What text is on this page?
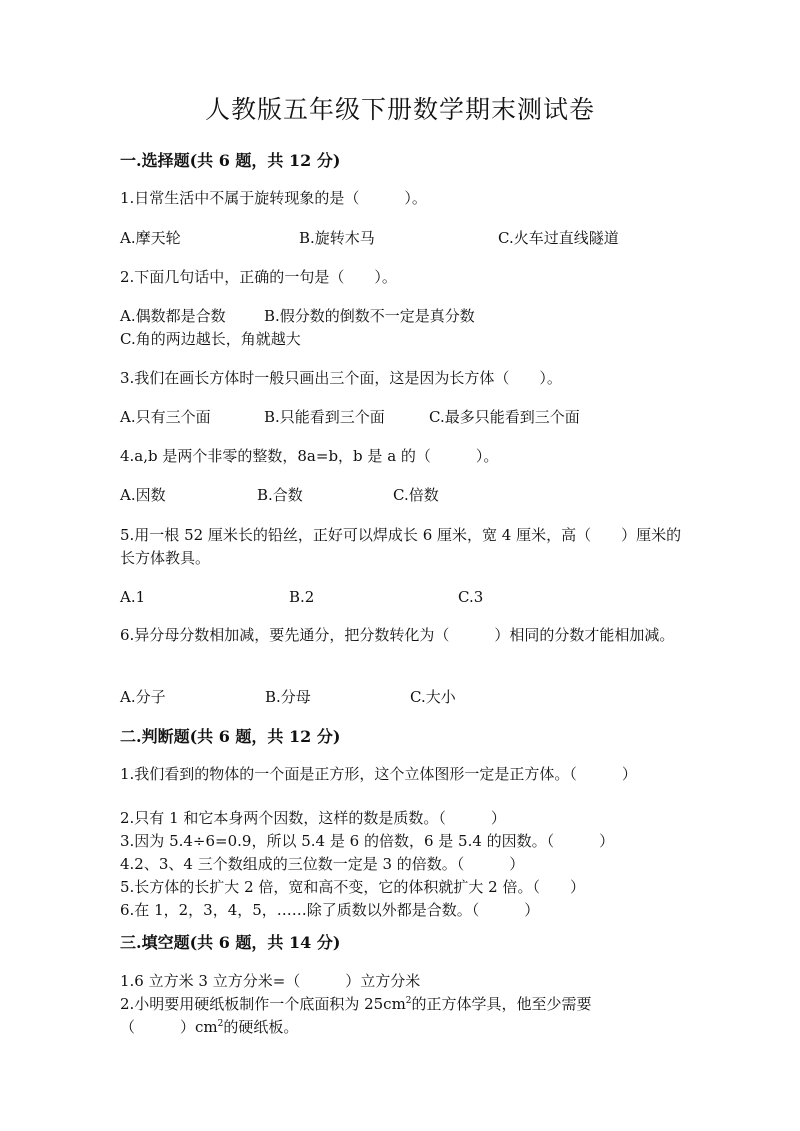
人教版五年级下册数学期末测试卷
一.选择题(共 6 题，共 12 分)
1.日常生活中不属于旋转现象的是（　　　）。
A.摩天轮	B.旋转木马	C.火车过直线隧道
2.下面几句话中，正确的一句是（　　）。
A.偶数都是合数	B.假分数的倒数不一定是真分数C.角的两边越长，角就越大
3.我们在画长方体时一般只画出三个面，这是因为长方体（　　）。
A.只有三个面	B.只能看到三个面	C.最多只能看到三个面
4.a,b 是两个非零的整数，8a=b，b 是 a 的（　　　）。
A.因数	B.合数	C.倍数
5.用一根 52 厘米长的铅丝，正好可以焊成长 6 厘米，宽 4 厘米，高（　　）厘米的长方体教具。
A.1	B.2	C.3
6.异分母分数相加减，要先通分，把分数转化为（　　　）相同的分数才能相加减。
A.分子	B.分母	C.大小
二.判断题(共 6 题，共 12 分)
1.我们看到的物体的一个面是正方形，这个立体图形一定是正方体。（　　　）
2.只有 1 和它本身两个因数，这样的数是质数。（　　　）
3.因为 5.4÷6=0.9，所以 5.4 是 6 的倍数，6 是 5.4 的因数。（　　　）
4.2、3、4 三个数组成的三位数一定是 3 的倍数。（　　　）
5.长方体的长扩大 2 倍，宽和高不变，它的体积就扩大 2 倍。（　　）
6.在 1，2，3，4，5，……除了质数以外都是合数。（　　　）
三.填空题(共 6 题，共 14 分)
1.6 立方米 3 立方分米=（　　　）立方分米
2.小明要用硬纸板制作一个底面积为 $25cm^2$的正方体学具，他至少需要（　　　）$cm^2$的硬纸板。
